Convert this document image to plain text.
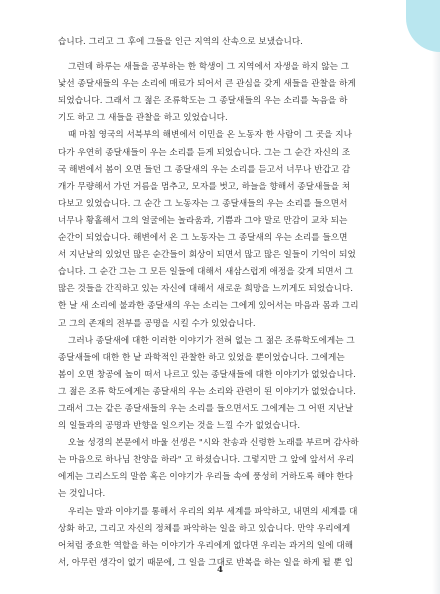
습니다. 그리고 그 후에 그들을 인근 지역의 산속으로 보냈습니다.
그런데 하루는 새들을 공부하는 한 학생이 그 지역에서 자생을 하지 않는 그
낯선 종달새들의 우는 소리에 매료가 되어서 큰 관심을 갖게 새들을 관찰을 하게
되었습니다. 그래서 그 젊은 조류학도는 그 종달새들의 우는 소리를 녹음을 하
기도 하고 그 새들을 관찰을 하고 있었습니다.
때 마침 영국의 서북부의 해변에서 이민을 온 노동자 한 사람이 그 곳을 지나
다가 우연히 종달새들이 우는 소리를 듣게 되었습니다. 그는 그 순간 자신의 조
국 해변에서 봄이 오면 들던 그 종달새의 우는 소리를 듣고서 너무나 반갑고 감
개가 무량해서 가던 거름을 멈추고, 모자를 벗고, 하늘을 향해서 종달새들을 쳐
다보고 있었습니다. 그 순간 그 노동자는 그 종달새들의 우는 소리를 들으면서
너무나 황홀해서 그의 얼굴에는 놀라움과, 기쁨과 그야 말로 만감이 교차 되는
순간이 되었습니다. 해변에서 온 그 노동자는 그 종달새의 우는 소리를 들으면
서 지난날의 있었던 많은 순간들이 회상이 되면서 많고 많은 일들이 기억이 되었
습니다. 그 순간 그는 그 모든 일들에 대해서 새삼스럽게 애정을 갖게 되면서 그
많은 것들을 간직하고 있는 자신에 대해서 새로운 희망을 느끼게도 되었습니다.
한 날 새 소리에 불과한 종달새의 우는 소리는 그에게 있어서는 마음과 몸과 그리
고 그의 존재의 전부를 공명을 시킬 수가 있었습니다.
그러나 종달새에 대한 이러한 이야기가 전혀 없는 그 젊은 조류학도에게는 그
종달새들에 대한 한 낱 과학적인 관찰한 하고 있었을 뿐이었습니다. 그에게는
봄이 오면 창공에 높이 떠서 나르고 있는 종달새들에 대한 이야기가 없었습니다.
그 젊은 조류 학도에게는 종달새의 우는 소리와 관련이 된 이야기가 없었습니다.
그래서 그는 같은 종달새들의 우는 소리를 들으면서도 그에게는 그 어떤 지난날
의 일들과의 공명과 반향을 일으키는 것을 느낄 수가 없었습니다.
오늘 성경의 본문에서 바울 선생은 "시와 찬송과 신령한 노래를 부르며 감사하
는 마음으로 하나님 찬양을 하라" 고 하셨습니다. 그렇지만 그 앞에 앞서서 우리
에게는 그리스도의 말씀 혹은 이야기가 우리들 속에 풍성히 거하도록 해야 한다
는 것입니다.
우리는 말과 이야기를 통해서 우리의 외부 세계를 파악하고, 내면의 세계를 대
상화 하고, 그리고 자신의 정체를 파악하는 일을 하고 있습니다. 만약 우리에게
어쳐럼 중요한 역할을 하는 이야기가 우리에게 없다면 우리는 과거의 일에 대해
서, 아무런 생각이 없기 때문에, 그 일을 그대로 반복을 하는 일을 하게 될 뿐 입
4
